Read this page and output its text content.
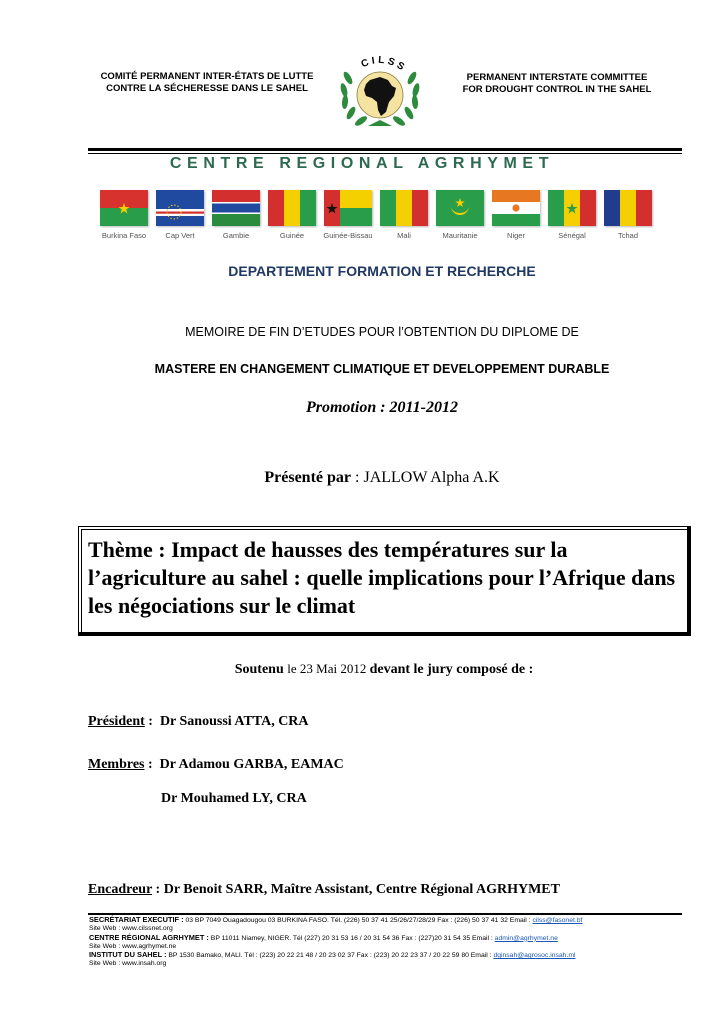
COMITÉ PERMANENT INTER-ÉTATS DE LUTTE
CONTRE LA SÉCHERESSE DANS LE SAHEL
CILSS
PERMANENT INTERSTATE COMMITTEE
FOR DROUGHT CONTROL IN THE SAHEL
CENTRE REGIONAL AGRHYMET
Burkina Faso	Cap Vert	Gambie	Guinée	Guinée-Bissau	Mali	Mauritanie	Niger	Sénégal	Tchad
DEPARTEMENT FORMATION ET RECHERCHE
MEMOIRE DE FIN D’ETUDES POUR l’OBTENTION DU DIPLOME DE
MASTERE EN CHANGEMENT CLIMATIQUE ET DEVELOPPEMENT DURABLE
Promotion : 2011-2012
Présenté par : JALLOW Alpha A.K
Thème : Impact de hausses des températures sur la l’agriculture au sahel : quelle implications pour l’Afrique dans les négociations sur le climat
Soutenu le 23 Mai 2012 devant le jury composé de :
Président :  Dr Sanoussi ATTA, CRA
Membres :  Dr Adamou GARBA, EAMAC
Dr Mouhamed LY, CRA
Encadreur : Dr Benoit SARR, Maître Assistant, Centre Régional AGRHYMET
SECRÉTARIAT EXECUTIF : 03 BP 7049 Ouagadougou 03 BURKINA FASO. Tél. (226) 50 37 41 25/26/27/28/29 Fax : (226) 50 37 41 32 Email : cilss@fasonet.bf
Site Web : www.cilssnet.org
CENTRE RÉGIONAL AGRHYMET : BP 11011 Niamey, NIGER. Tél (227) 20 31 53 16 / 20 31 54 36 Fax : (227)20 31 54 35 Email : admin@agrhymet.ne
Site Web : www.agrhymet.ne
INSTITUT DU SAHEL : BP 1530 Bamako, MALI. Tél : (223) 20 22 21 48 / 20 23 02 37 Fax : (223) 20 22 23 37 / 20 22 59 80 Email : dginsah@agrosoc.insah.ml
Site Web : www.insah.org
